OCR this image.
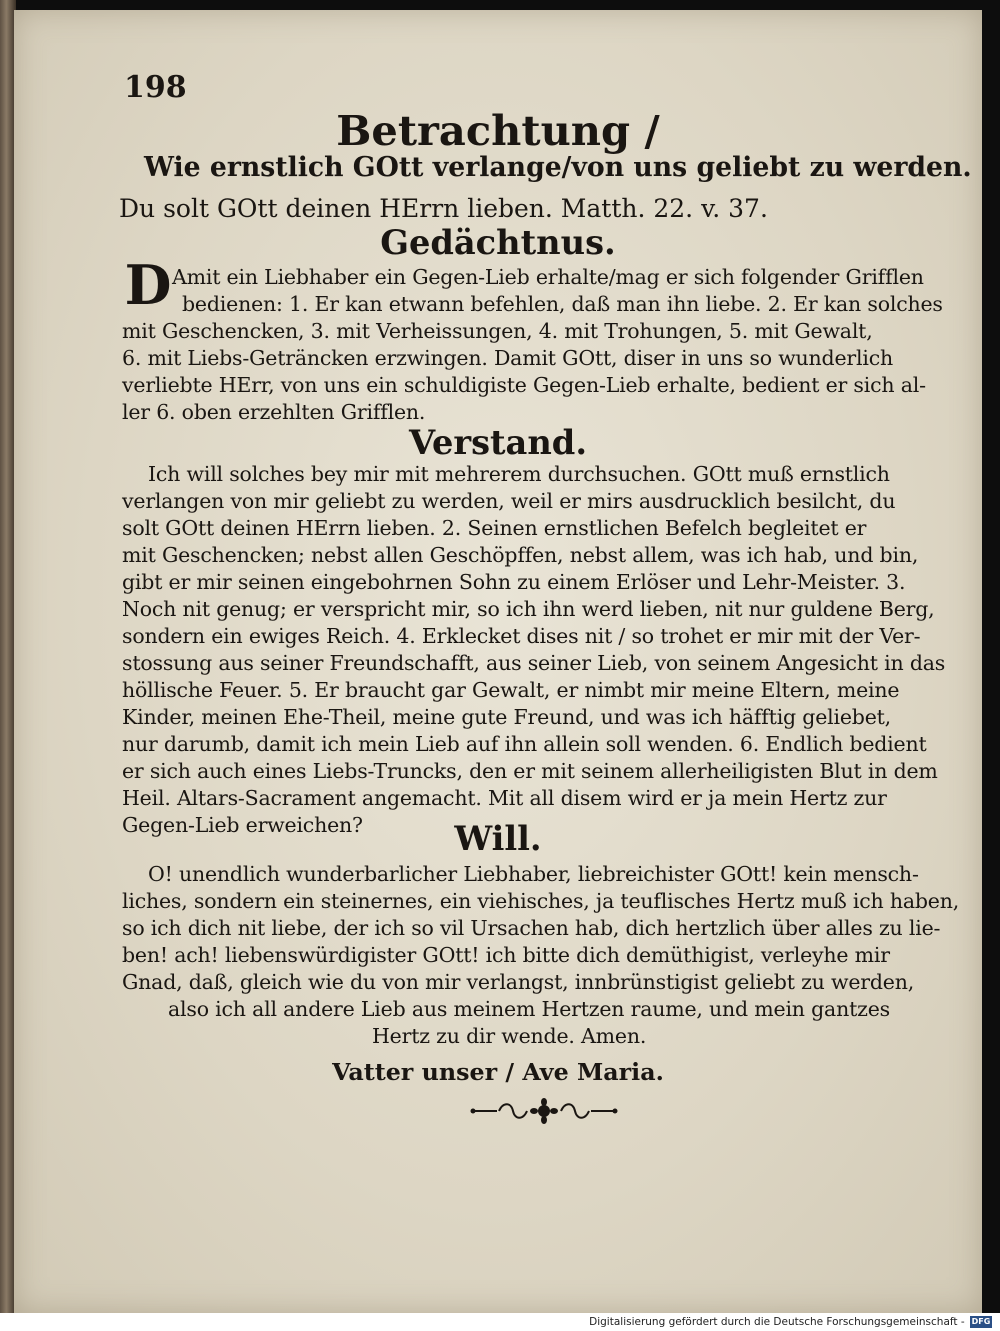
198
Betrachtung /
Wie ernstlich GOtt verlange/von uns geliebt zu werden.
Du solt GOtt deinen HErrn lieben. Matth. 22. v. 37.
Gedächtnus.
D Amit ein Liebhaber ein Gegen-Lieb erhalte/mag er sich folgender Grifflen
bedienen: 1. Er kan etwann befehlen, daß man ihn liebe. 2. Er kan solches
mit Geschencken, 3. mit Verheissungen, 4. mit Trohungen, 5. mit Gewalt,
6. mit Liebs-Geträncken erzwingen. Damit GOtt, diser in uns so wunderlich
verliebte HErr, von uns ein schuldigiste Gegen-Lieb erhalte, bedient er sich al-
ler 6. oben erzehlten Grifflen.
Verstand.
Ich will solches bey mir mit mehrerem durchsuchen. GOtt muß ernstlich
verlangen von mir geliebt zu werden, weil er mirs ausdrucklich besilcht, du
solt GOtt deinen HErrn lieben. 2. Seinen ernstlichen Befelch begleitet er
mit Geschencken; nebst allen Geschöpffen, nebst allem, was ich hab, und bin,
gibt er mir seinen eingebohrnen Sohn zu einem Erlöser und Lehr-Meister. 3.
Noch nit genug; er verspricht mir, so ich ihn werd lieben, nit nur guldene Berg,
sondern ein ewiges Reich. 4. Erklecket dises nit / so trohet er mir mit der Ver-
stossung aus seiner Freundschafft, aus seiner Lieb, von seinem Angesicht in das
höllische Feuer. 5. Er braucht gar Gewalt, er nimbt mir meine Eltern, meine
Kinder, meinen Ehe-Theil, meine gute Freund, und was ich häfftig geliebet,
nur darumb, damit ich mein Lieb auf ihn allein soll wenden. 6. Endlich bedient
er sich auch eines Liebs-Truncks, den er mit seinem allerheiligisten Blut in dem
Heil. Altars-Sacrament angemacht. Mit all disem wird er ja mein Hertz zur
Gegen-Lieb erweichen?	Will.
O! unendlich wunderbarlicher Liebhaber, liebreichister GOtt! kein mensch-
liches, sondern ein steinernes, ein viehisches, ja teuflisches Hertz muß ich haben,
so ich dich nit liebe, der ich so vil Ursachen hab, dich hertzlich über alles zu lie-
ben! ach! liebenswürdigister GOtt! ich bitte dich demüthigist, verleyhe mir
Gnad, daß, gleich wie du von mir verlangst, innbrünstigist geliebt zu werden,
also ich all andere Lieb aus meinem Hertzen raume, und mein gantzes
Hertz zu dir wende. Amen.
Vatter unser / Ave Maria.
Digitalisierung gefördert durch die Deutsche Forschungsgemeinschaft - DFG
